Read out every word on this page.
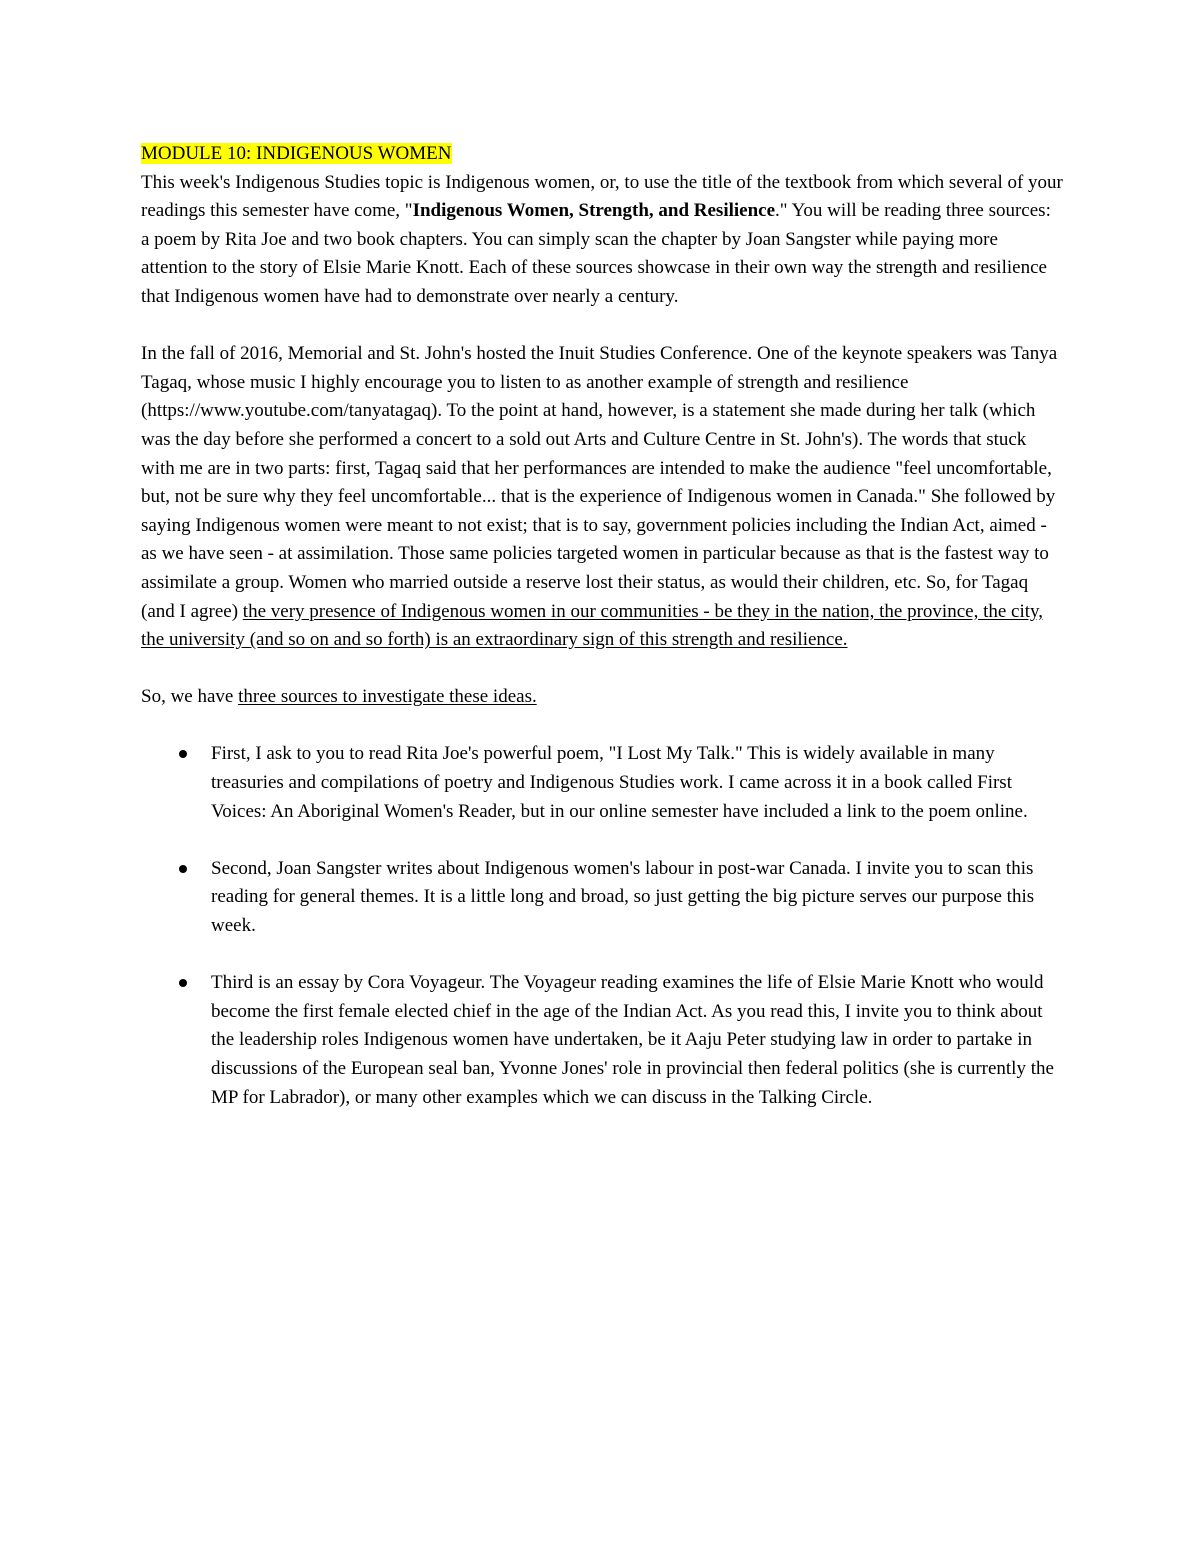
MODULE 10: INDIGENOUS WOMEN

This week's Indigenous Studies topic is Indigenous women, or, to use the title of the textbook from which several of your readings this semester have come, "Indigenous Women, Strength, and Resilience." You will be reading three sources: a poem by Rita Joe and two book chapters. You can simply scan the chapter by Joan Sangster while paying more attention to the story of Elsie Marie Knott. Each of these sources showcase in their own way the strength and resilience that Indigenous women have had to demonstrate over nearly a century.

In the fall of 2016, Memorial and St. John's hosted the Inuit Studies Conference. One of the keynote speakers was Tanya Tagaq, whose music I highly encourage you to listen to as another example of strength and resilience (https://www.youtube.com/tanyatagaq). To the point at hand, however, is a statement she made during her talk (which was the day before she performed a concert to a sold out Arts and Culture Centre in St. John's). The words that stuck with me are in two parts: first, Tagaq said that her performances are intended to make the audience "feel uncomfortable, but, not be sure why they feel uncomfortable... that is the experience of Indigenous women in Canada." She followed by saying Indigenous women were meant to not exist; that is to say, government policies including the Indian Act, aimed - as we have seen - at assimilation. Those same policies targeted women in particular because as that is the fastest way to assimilate a group. Women who married outside a reserve lost their status, as would their children, etc. So, for Tagaq (and I agree) the very presence of Indigenous women in our communities - be they in the nation, the province, the city, the university (and so on and so forth) is an extraordinary sign of this strength and resilience.

So, we have three sources to investigate these ideas.

First, I ask to you to read Rita Joe's powerful poem, "I Lost My Talk." This is widely available in many treasuries and compilations of poetry and Indigenous Studies work. I came across it in a book called First Voices: An Aboriginal Women's Reader, but in our online semester have included a link to the poem online.
Second, Joan Sangster writes about Indigenous women's labour in post-war Canada. I invite you to scan this reading for general themes. It is a little long and broad, so just getting the big picture serves our purpose this week.
Third is an essay by Cora Voyageur. The Voyageur reading examines the life of Elsie Marie Knott who would become the first female elected chief in the age of the Indian Act. As you read this, I invite you to think about the leadership roles Indigenous women have undertaken, be it Aaju Peter studying law in order to partake in discussions of the European seal ban, Yvonne Jones' role in provincial then federal politics (she is currently the MP for Labrador), or many other examples which we can discuss in the Talking Circle.
